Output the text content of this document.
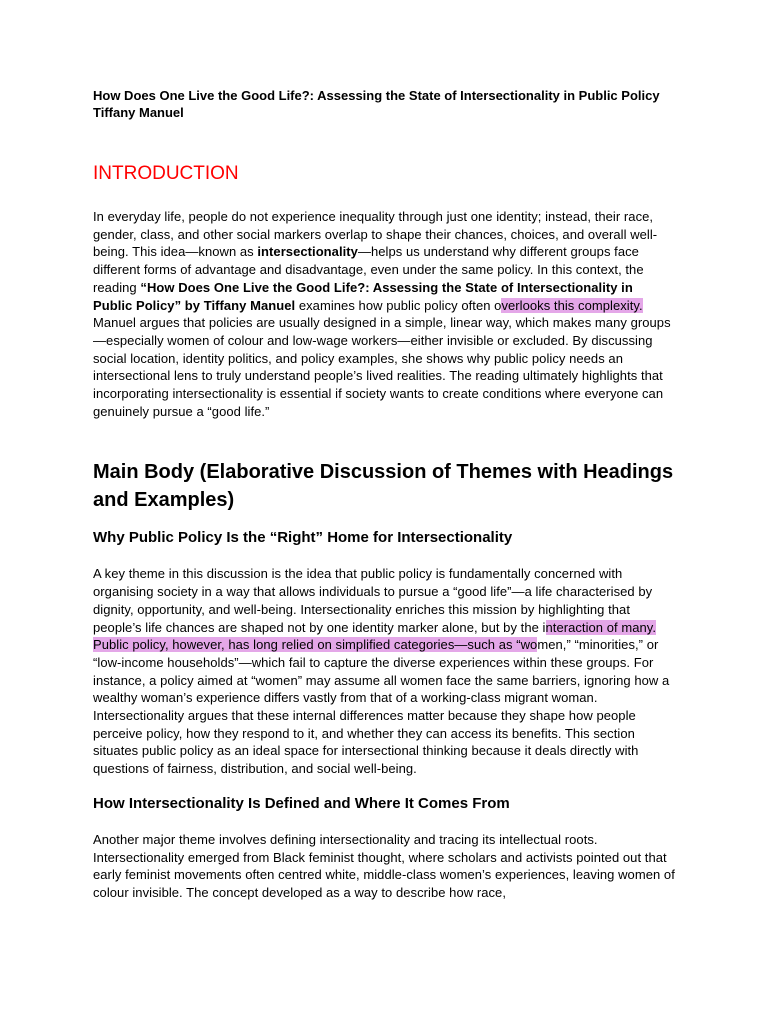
How Does One Live the Good Life?: Assessing the State of Intersectionality in Public Policy Tiffany Manuel

INTRODUCTION

In everyday life, people do not experience inequality through just one identity; instead, their race, gender, class, and other social markers overlap to shape their chances, choices, and overall well-being. This idea—known as intersectionality—helps us understand why different groups face different forms of advantage and disadvantage, even under the same policy. In this context, the reading “How Does One Live the Good Life?: Assessing the State of Intersectionality in Public Policy” by Tiffany Manuel examines how public policy often overlooks this complexity. Manuel argues that policies are usually designed in a simple, linear way, which makes many groups—especially women of colour and low-wage workers—either invisible or excluded. By discussing social location, identity politics, and policy examples, she shows why public policy needs an intersectional lens to truly understand people’s lived realities. The reading ultimately highlights that incorporating intersectionality is essential if society wants to create conditions where everyone can genuinely pursue a “good life.”

Main Body (Elaborative Discussion of Themes with Headings and Examples)
Why Public Policy Is the “Right” Home for Intersectionality

A key theme in this discussion is the idea that public policy is fundamentally concerned with organising society in a way that allows individuals to pursue a “good life”—a life characterised by dignity, opportunity, and well-being. Intersectionality enriches this mission by highlighting that people’s life chances are shaped not by one identity marker alone, but by the interaction of many. Public policy, however, has long relied on simplified categories—such as “women,” “minorities,” or “low-income households”—which fail to capture the diverse experiences within these groups. For instance, a policy aimed at “women” may assume all women face the same barriers, ignoring how a wealthy woman’s experience differs vastly from that of a working-class migrant woman. Intersectionality argues that these internal differences matter because they shape how people perceive policy, how they respond to it, and whether they can access its benefits. This section situates public policy as an ideal space for intersectional thinking because it deals directly with questions of fairness, distribution, and social well-being.

How Intersectionality Is Defined and Where It Comes From

Another major theme involves defining intersectionality and tracing its intellectual roots. Intersectionality emerged from Black feminist thought, where scholars and activists pointed out that early feminist movements often centred white, middle-class women’s experiences, leaving women of colour invisible. The concept developed as a way to describe how race,
